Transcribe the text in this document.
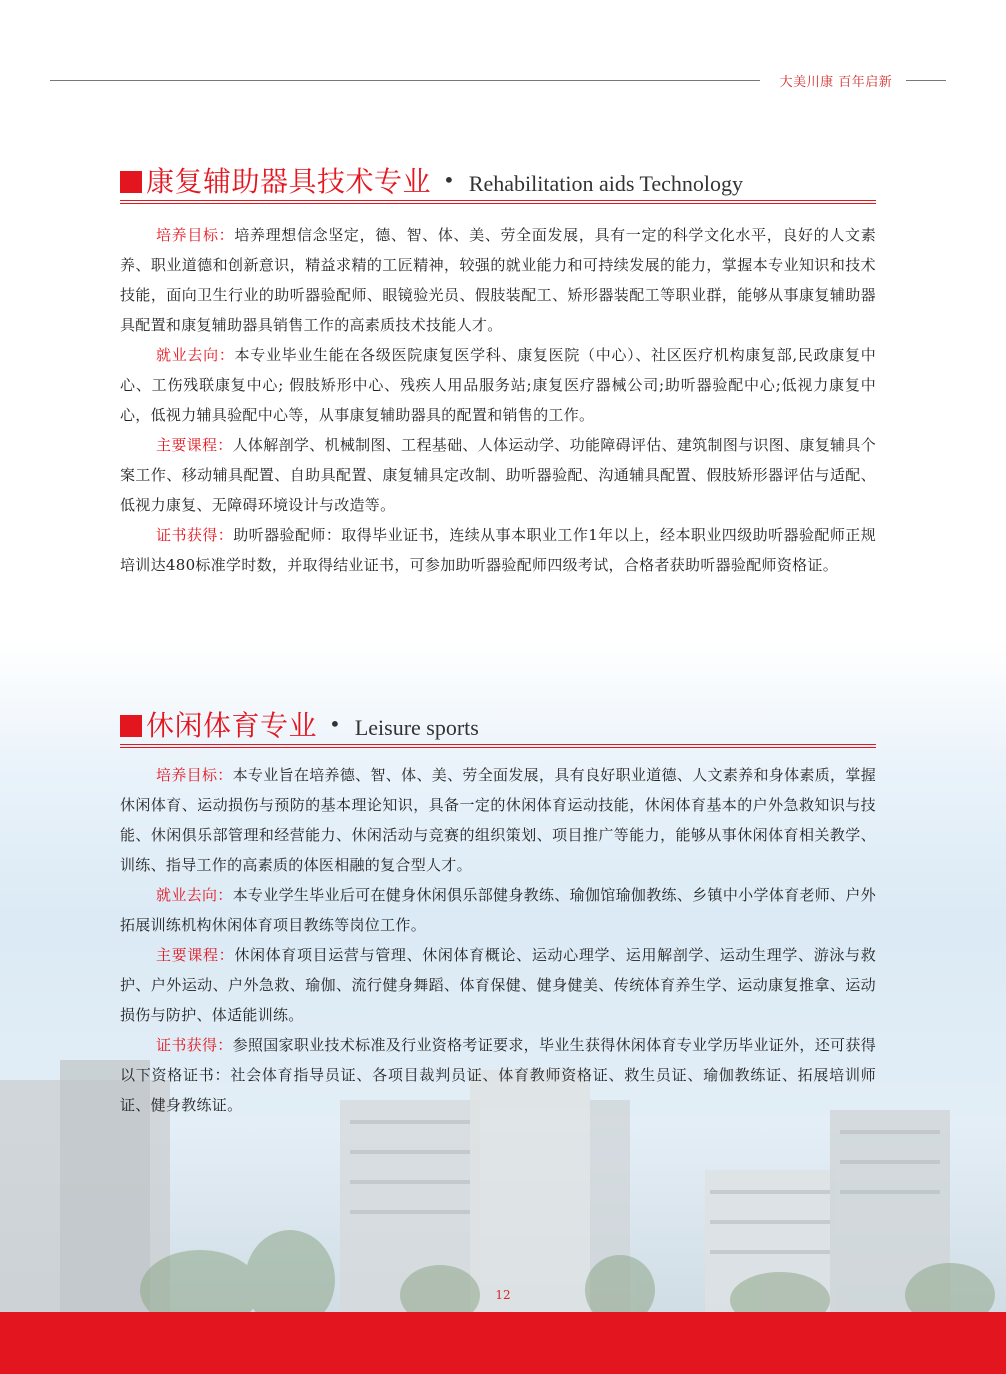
大美川康 百年启新
康复辅助器具技术专业 • Rehabilitation aids Technology

培养目标：培养理想信念坚定，德、智、体、美、劳全面发展，具有一定的科学文化水平，良好的人文素养、职业道德和创新意识，精益求精的工匠精神，较强的就业能力和可持续发展的能力，掌握本专业知识和技术技能，面向卫生行业的助听器验配师、眼镜验光员、假肢装配工、矫形器装配工等职业群，能够从事康复辅助器具配置和康复辅助器具销售工作的高素质技术技能人才。

就业去向：本专业毕业生能在各级医院康复医学科、康复医院（中心）、社区医疗机构康复部,民政康复中心、工伤残联康复中心; 假肢矫形中心、残疾人用品服务站;康复医疗器械公司;助听器验配中心;低视力康复中心，低视力辅具验配中心等，从事康复辅助器具的配置和销售的工作。

主要课程：人体解剖学、机械制图、工程基础、人体运动学、功能障碍评估、建筑制图与识图、康复辅具个案工作、移动辅具配置、自助具配置、康复辅具定改制、助听器验配、沟通辅具配置、假肢矫形器评估与适配、低视力康复、无障碍环境设计与改造等。

证书获得：助听器验配师：取得毕业证书，连续从事本职业工作1年以上，经本职业四级助听器验配师正规培训达480标准学时数，并取得结业证书，可参加助听器验配师四级考试，合格者获助听器验配师资格证。

休闲体育专业 • Leisure sports

培养目标：本专业旨在培养德、智、体、美、劳全面发展，具有良好职业道德、人文素养和身体素质，掌握休闲体育、运动损伤与预防的基本理论知识，具备一定的休闲体育运动技能，休闲体育基本的户外急救知识与技能、休闲俱乐部管理和经营能力、休闲活动与竞赛的组织策划、项目推广等能力，能够从事休闲体育相关教学、训练、指导工作的高素质的体医相融的复合型人才。

就业去向：本专业学生毕业后可在健身休闲俱乐部健身教练、瑜伽馆瑜伽教练、乡镇中小学体育老师、户外拓展训练机构休闲体育项目教练等岗位工作。

主要课程：休闲体育项目运营与管理、休闲体育概论、运动心理学、运用解剖学、运动生理学、游泳与救护、户外运动、户外急救、瑜伽、流行健身舞蹈、体育保健、健身健美、传统体育养生学、运动康复推拿、运动损伤与防护、体适能训练。

证书获得：参照国家职业技术标准及行业资格考证要求，毕业生获得休闲体育专业学历毕业证外，还可获得以下资格证书：社会体育指导员证、各项目裁判员证、体育教师资格证、救生员证、瑜伽教练证、拓展培训师证、健身教练证。

12
